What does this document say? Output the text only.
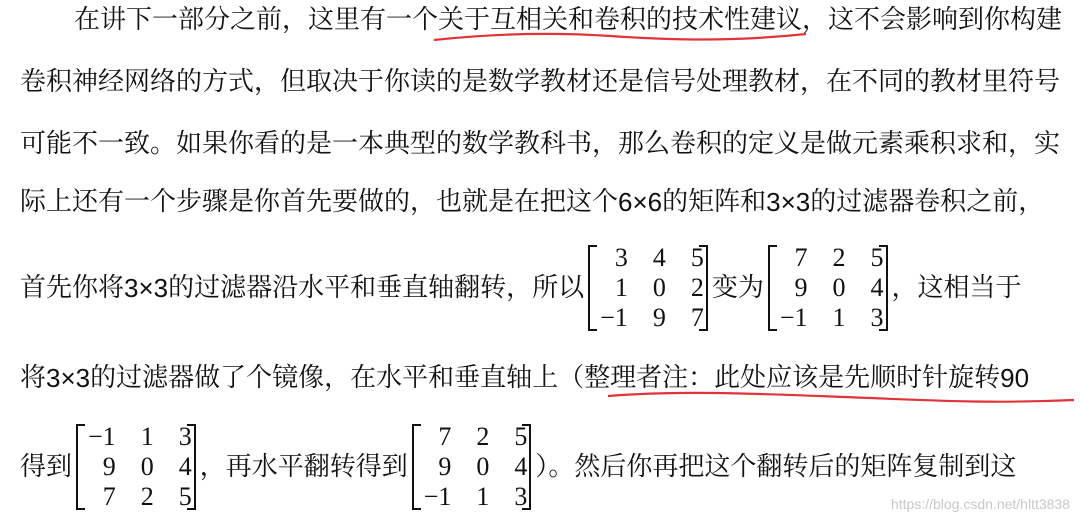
在讲下一部分之前，这里有一个关于互相关和卷积的技术性建议，这不会影响到你构建
卷积神经网络的方式，但取决于你读的是数学教材还是信号处理教材，在不同的教材里符号
可能不一致。如果你看的是一本典型的数学教科书，那么卷积的定义是做元素乘积求和，实
际上还有一个步骤是你首先要做的，也就是在把这个 6×6 的矩阵和 3×3 的过滤器卷积之前，
首先你将 3×3 的过滤器沿水平和垂直轴翻转，所以
3 4 5
1 0 2
−1 9 7
变为
7 2 5
9 0 4
−1 1 3
，这相当于
将 3×3 的过滤器做了个镜像，在水平和垂直轴上（整理者注：此处应该是先顺时针旋转 90
得到
−1 1 3
9 0 4
7 2 5
，再水平翻转得到
7 2 5
9 0 4
−1 1 3
）。然后你再把这个翻转后的矩阵复制到这
https://blog.csdn.net/hltt3838
